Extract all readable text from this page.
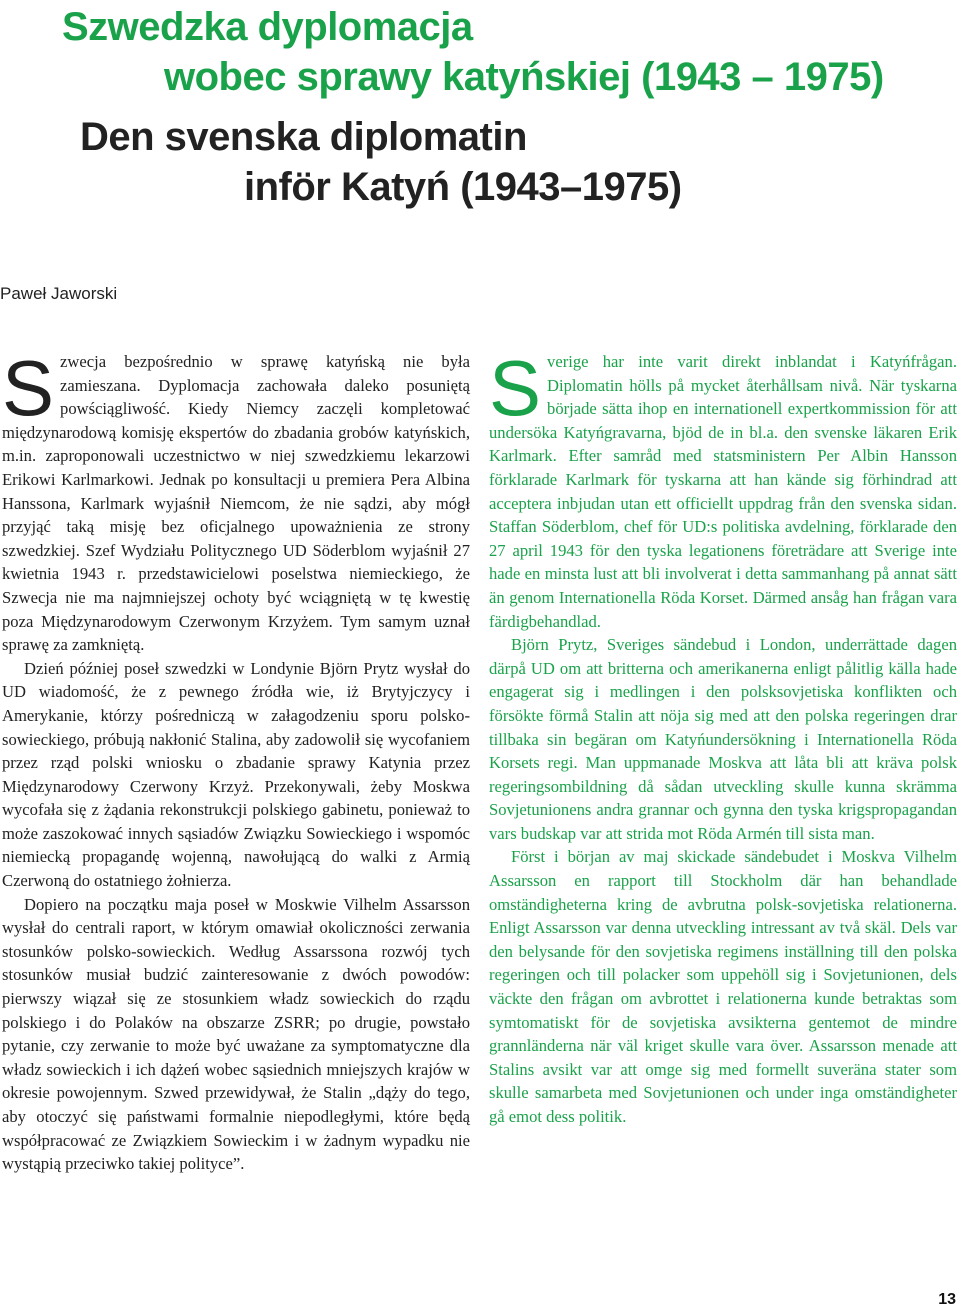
Szwedzka dyplomacja
wobec sprawy katyńskiej (1943 – 1975)
Den svenska diplomatin
inför Katyń (1943–1975)
Paweł Jaworski

Szwecja bezpośrednio w sprawę katyńską nie była zamieszana. Dyplomacja zachowała daleko posuniętą powściągliwość. Kiedy Niemcy zaczęli kompletować międzynarodową komisję ekspertów do zbadania grobów katyńskich, m.in. zaproponowali uczestnictwo w niej szwedzkiemu lekarzowi Erikowi Karlmarkowi. Jednak po konsultacji u premiera Pera Albina Hanssona, Karlmark wyjaśnił Niemcom, że nie sądzi, aby mógł przyjąć taką misję bez oficjalnego upoważnienia ze strony szwedzkiej. Szef Wydziału Politycznego UD Söderblom wyjaśnił 27 kwietnia 1943 r. przedstawicielowi poselstwa niemieckiego, że Szwecja nie ma najmniejszej ochoty być wciągniętą w tę kwestię poza Międzynarodowym Czerwonym Krzyżem. Tym samym uznał sprawę za zamkniętą.

Dzień później poseł szwedzki w Londynie Björn Prytz wysłał do UD wiadomość, że z pewnego źródła wie, iż Brytyjczycy i Amerykanie, którzy pośredniczą w załagodzeniu sporu polsko-sowieckiego, próbują nakłonić Stalina, aby zadowolił się wycofaniem przez rząd polski wniosku o zbadanie sprawy Katynia przez Międzynarodowy Czerwony Krzyż. Przekonywali, żeby Moskwa wycofała się z żądania rekonstrukcji polskiego gabinetu, ponieważ to może zaszokować innych sąsiadów Związku Sowieckiego i wspomóc niemiecką propagandę wojenną, nawołującą do walki z Armią Czerwoną do ostatniego żołnierza.

Dopiero na początku maja poseł w Moskwie Vilhelm Assarsson wysłał do centrali raport, w którym omawiał okoliczności zerwania stosunków polsko-sowieckich. Według Assarssona rozwój tych stosunków musiał budzić zainteresowanie z dwóch powodów: pierwszy wiązał się ze stosunkiem władz sowieckich do rządu polskiego i do Polaków na obszarze ZSRR; po drugie, powstało pytanie, czy zerwanie to może być uważane za symptomatyczne dla władz sowieckich i ich dążeń wobec sąsiednich mniejszych krajów w okresie powojennym. Szwed przewidywał, że Stalin „dąży do tego, aby otoczyć się państwami formalnie niepodległymi, które będą współpracować ze Związkiem Sowieckim i w żadnym wypadku nie wystąpią przeciwko takiej polityce”.

Sverige har inte varit direkt inblandat i Katyńfrågan. Diplomatin hölls på mycket återhållsam nivå. När tyskarna började sätta ihop en internationell expertkommission för att undersöka Katyńgravarna, bjöd de in bl.a. den svenske läkaren Erik Karlmark. Efter samråd med statsministern Per Albin Hansson förklarade Karlmark för tyskarna att han kände sig förhindrad att acceptera inbjudan utan ett officiellt uppdrag från den svenska sidan. Staffan Söderblom, chef för UD:s politiska avdelning, förklarade den 27 april 1943 för den tyska legationens företrädare att Sverige inte hade en minsta lust att bli involverat i detta sammanhang på annat sätt än genom Internationella Röda Korset. Därmed ansåg han frågan vara färdigbehandlad.

Björn Prytz, Sveriges sändebud i London, underrättade dagen därpå UD om att britterna och amerikanerna enligt pålitlig källa hade engagerat sig i medlingen i den polsksovjetiska konflikten och försökte förmå Stalin att nöja sig med att den polska regeringen drar tillbaka sin begäran om Katyńundersökning i Internationella Röda Korsets regi. Man uppmanade Moskva att låta bli att kräva polsk regeringsombildning då sådan utveckling skulle kunna skrämma Sovjetunionens andra grannar och gynna den tyska krigspropagandan vars budskap var att strida mot Röda Armén till sista man.

Först i början av maj skickade sändebudet i Moskva Vilhelm Assarsson en rapport till Stockholm där han behandlade omständigheterna kring de avbrutna polsk-sovjetiska relationerna. Enligt Assarsson var denna utveckling intressant av två skäl. Dels var den belysande för den sovjetiska regimens inställning till den polska regeringen och till polacker som uppehöll sig i Sovjetunionen, dels väckte den frågan om avbrottet i relationerna kunde betraktas som symtomatiskt för de sovjetiska avsikterna gentemot de mindre grannländerna när väl kriget skulle vara över. Assarsson menade att Stalins avsikt var att omge sig med formellt suveräna stater som skulle samarbeta med Sovjetunionen och under inga omständigheter gå emot dess politik.

13
